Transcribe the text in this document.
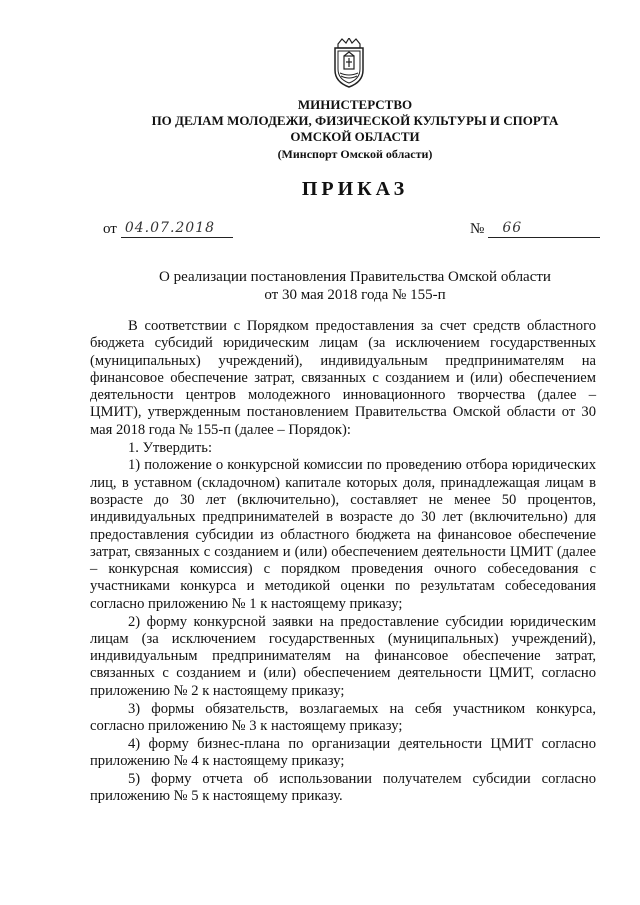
МИНИСТЕРСТВО
ПО ДЕЛАМ МОЛОДЕЖИ, ФИЗИЧЕСКОЙ КУЛЬТУРЫ И СПОРТА
ОМСКОЙ ОБЛАСТИ
(Минспорт Омской области)
ПРИКАЗ
от 04.07.2018	№ 66
О реализации постановления Правительства Омской области
от 30 мая 2018 года № 155-п

В соответствии с Порядком предоставления за счет средств областного бюджета субсидий юридическим лицам (за исключением государственных (муниципальных) учреждений), индивидуальным предпринимателям на финансовое обеспечение затрат, связанных с созданием и (или) обеспечением деятельности центров молодежного инновационного творчества (далее – ЦМИТ), утвержденным постановлением Правительства Омской области от 30 мая 2018 года № 155-п (далее – Порядок):

1. Утвердить:

1) положение о конкурсной комиссии по проведению отбора юридических лиц, в уставном (складочном) капитале которых доля, принадлежащая лицам в возрасте до 30 лет (включительно), составляет не менее 50 процентов, индивидуальных предпринимателей в возрасте до 30 лет (включительно) для предоставления субсидии из областного бюджета на финансовое обеспечение затрат, связанных с созданием и (или) обеспечением деятельности ЦМИТ (далее – конкурсная комиссия) с порядком проведения очного собеседования с участниками конкурса и методикой оценки по результатам собеседования согласно приложению № 1 к настоящему приказу;

2) форму конкурсной заявки на предоставление субсидии юридическим лицам (за исключением государственных (муниципальных) учреждений), индивидуальным предпринимателям на финансовое обеспечение затрат, связанных с созданием и (или) обеспечением деятельности ЦМИТ, согласно приложению № 2 к настоящему приказу;

3) формы обязательств, возлагаемых на себя участником конкурса, согласно приложению № 3 к настоящему приказу;

4) форму бизнес-плана по организации деятельности ЦМИТ согласно приложению № 4 к настоящему приказу;

5) форму отчета об использовании получателем субсидии согласно приложению № 5 к настоящему приказу.
